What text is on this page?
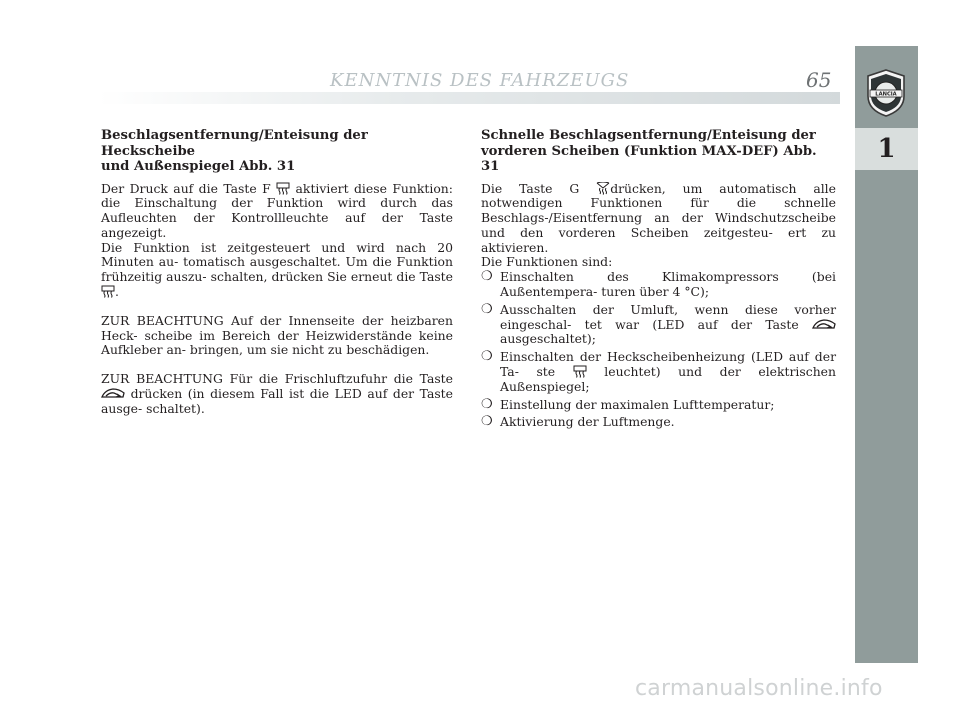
KENNTNIS DES FAHRZEUGS	65
LANCIA
1
Beschlagsentfernung/Enteisung der Heckscheibe
und Außenspiegel Abb. 31

Der Druck auf die Taste F aktiviert diese Funktion: die Einschaltung der Funktion wird durch das Aufleuchten der Kontrollleuchte auf der Taste angezeigt.

Die Funktion ist zeitgesteuert und wird nach 20 Minuten au- tomatisch ausgeschaltet. Um die Funktion frühzeitig auszu- schalten, drücken Sie erneut die Taste .

ZUR BEACHTUNG Auf der Innenseite der heizbaren Heck- scheibe im Bereich der Heizwiderstände keine Aufkleber an- bringen, um sie nicht zu beschädigen.

ZUR BEACHTUNG Für die Frischluftzufuhr die Taste  drücken (in diesem Fall ist die LED auf der Taste ausge- schaltet).

Schnelle Beschlagsentfernung/Enteisung der
vorderen Scheiben (Funktion MAX-DEF) Abb. 31

Die Taste G drücken, um automatisch alle notwendigen Funktionen für die schnelle Beschlags-/Eisentfernung an der Windschutzscheibe und den vorderen Scheiben zeitgesteu- ert zu aktivieren.

Die Funktionen sind:

❍ Einschalten des Klimakompressors (bei Außentempera- turen über 4 °C);
❍ Ausschalten der Umluft, wenn diese vorher eingeschal- tet war (LED auf der Taste  ausgeschaltet);
❍ Einschalten der Heckscheibenheizung (LED auf der Ta- ste	leuchtet) und der elektrischen Außenspiegel;
❍ Einstellung der maximalen Lufttemperatur;
❍ Aktivierung der Luftmenge.
carmanualsonline.info
